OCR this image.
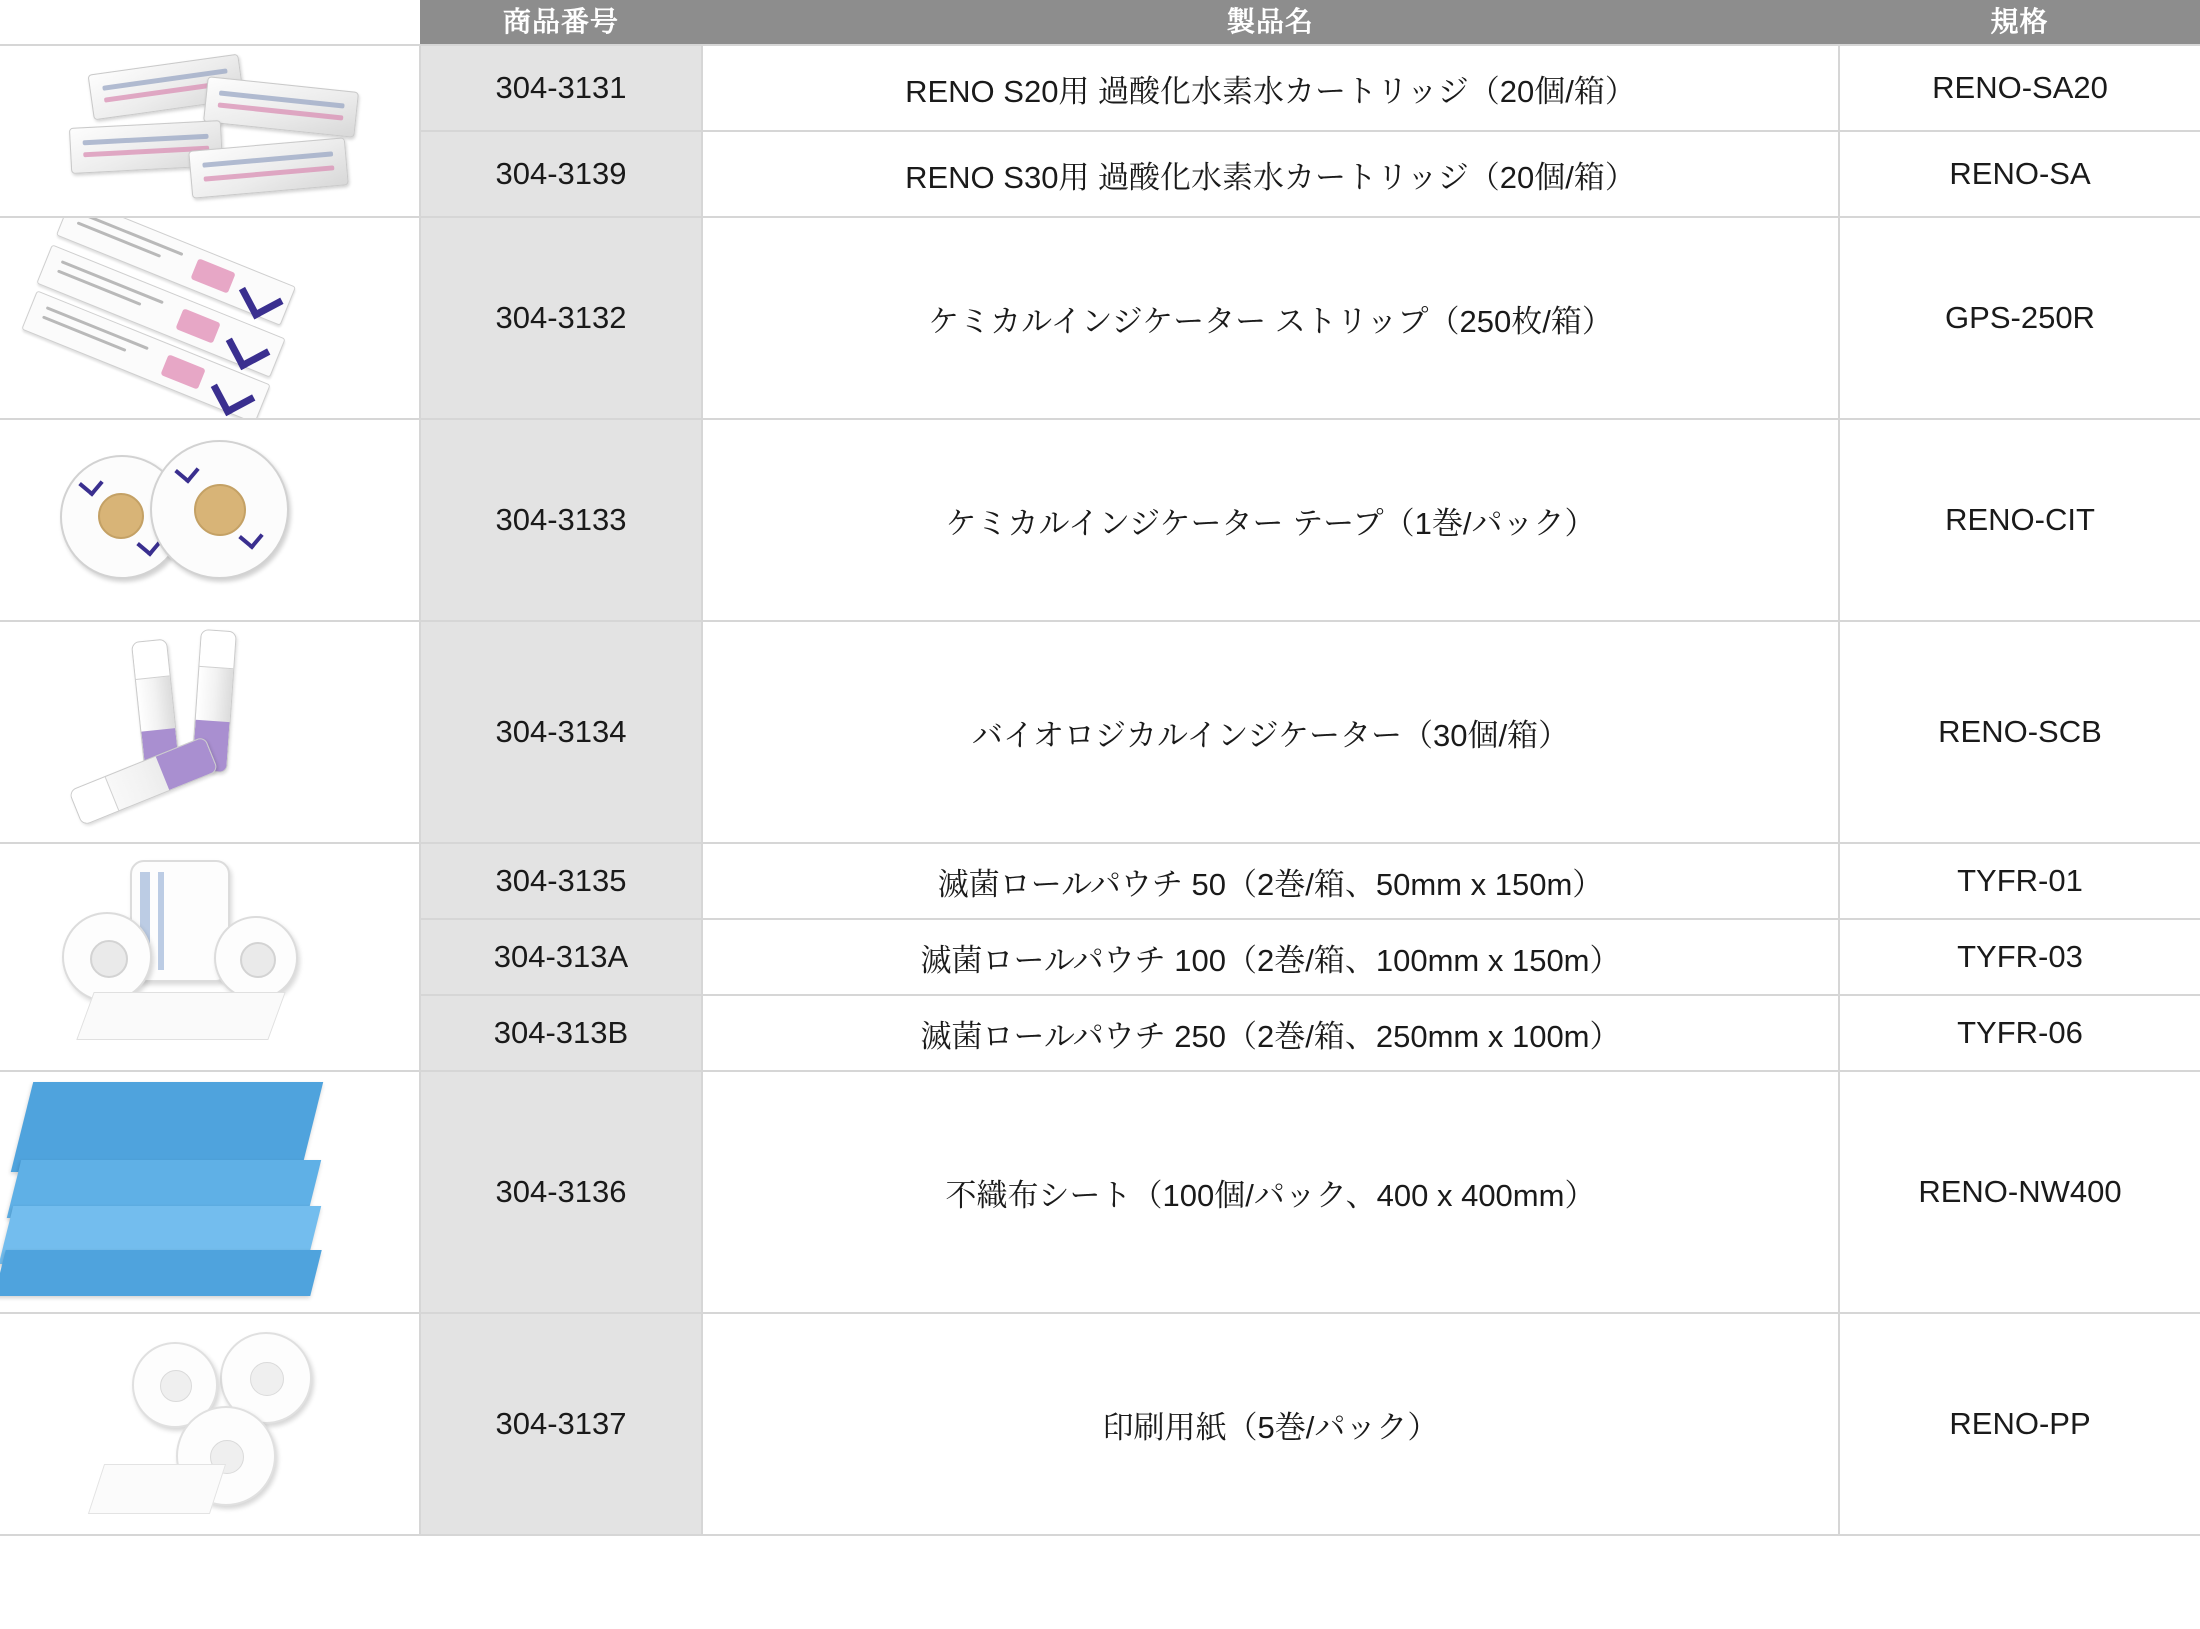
	商品番号	製品名	規格

	304-3131	RENO S20用 過酸化水素水カートリッジ（20個/箱）	RENO-SA20
	304-3139	RENO S30用 過酸化水素水カートリッジ（20個/箱）	RENO-SA

	304-3132	ケミカルインジケーター ストリップ（250枚/箱）	GPS-250R

	304-3133	ケミカルインジケーター テープ（1巻/パック）	RENO-CIT

	304-3134	バイオロジカルインジケーター（30個/箱）	RENO-SCB

	304-3135	滅菌ロールパウチ 50（2巻/箱、50mm x 150m）	TYFR-01
	304-313A	滅菌ロールパウチ 100（2巻/箱、100mm x 150m）	TYFR-03
	304-313B	滅菌ロールパウチ 250（2巻/箱、250mm x 100m）	TYFR-06

	304-3136	不織布シート（100個/パック、400 x 400mm）	RENO-NW400

	304-3137	印刷用紙（5巻/パック）	RENO-PP
